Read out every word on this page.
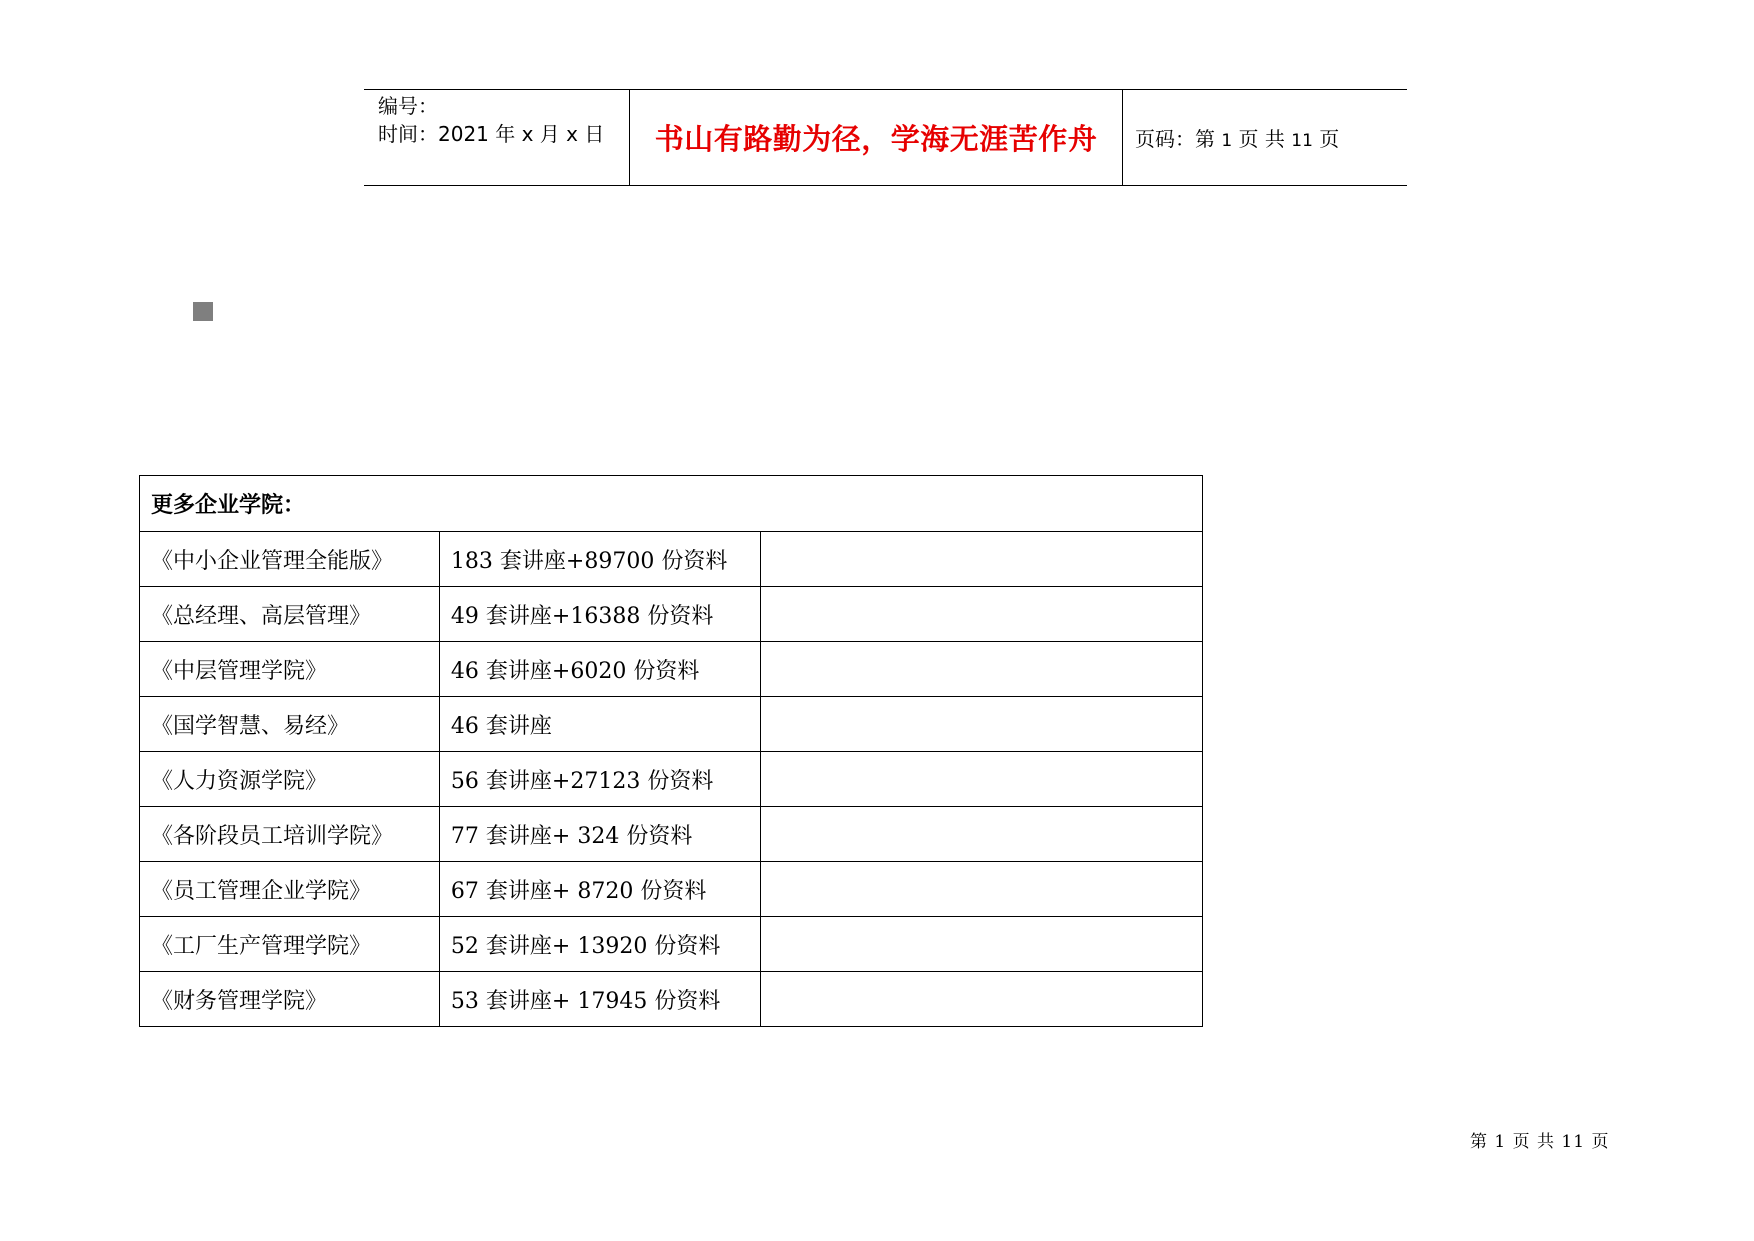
编号：
时间：2021 年 x 月 x 日	书山有路勤为径，学海无涯苦作舟 页码：第 1 页 共 11 页
更多企业学院：		
《中小企业管理全能版》	183 套讲座+89700 份资料	
《总经理、高层管理》	49 套讲座+16388 份资料	
《中层管理学院》	46 套讲座+6020 份资料	
《国学智慧、易经》	46 套讲座	
《人力资源学院》	56 套讲座+27123 份资料	
《各阶段员工培训学院》	77 套讲座+ 324 份资料	
《员工管理企业学院》	67 套讲座+ 8720 份资料	
《工厂生产管理学院》	52 套讲座+ 13920 份资料	
《财务管理学院》	53 套讲座+ 17945 份资料	
第 1 页 共 11 页
